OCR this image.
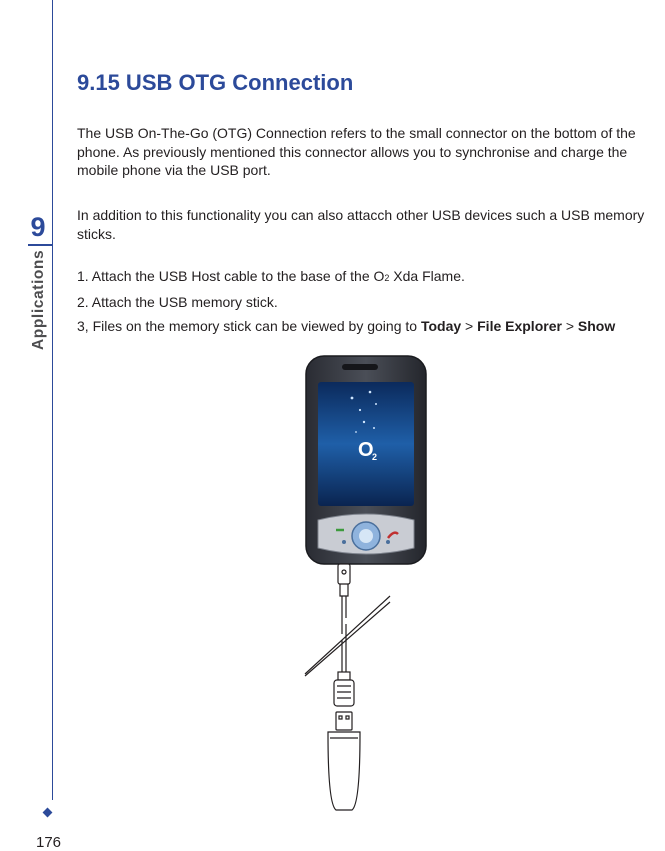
9
Applications
9.15 USB OTG Connection

The USB On-The-Go (OTG) Connection refers to the small connector on the bottom of the phone. As previously mentioned this connector allows you to synchronise and charge the mobile phone via the USB port.

In addition to this functionality you can also attacch other USB devices such a USB memory sticks.

1. Attach the USB Host cable to the base of the O2 Xda Flame.

2. Attach the USB memory stick.

3, Files on the memory stick can be viewed by going to Today > File Explorer > Show

O
2
176
